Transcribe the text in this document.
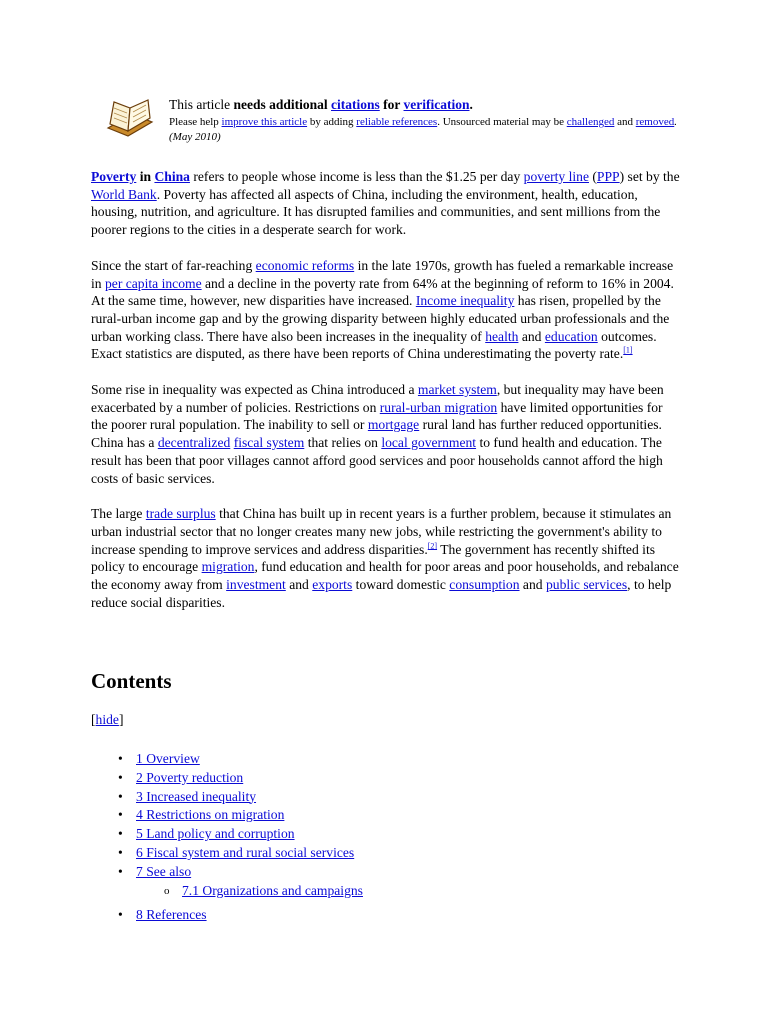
This article needs additional citations for verification.
Please help improve this article by adding reliable references. Unsourced material may be challenged and removed. (May 2010)

Poverty in China refers to people whose income is less than the $1.25 per day poverty line (PPP) set by the World Bank. Poverty has affected all aspects of China, including the environment, health, education, housing, nutrition, and agriculture. It has disrupted families and communities, and sent millions from the poorer regions to the cities in a desperate search for work.

Since the start of far-reaching economic reforms in the late 1970s, growth has fueled a remarkable increase in per capita income and a decline in the poverty rate from 64% at the beginning of reform to 16% in 2004. At the same time, however, new disparities have increased. Income inequality has risen, propelled by the rural-urban income gap and by the growing disparity between highly educated urban professionals and the urban working class. There have also been increases in the inequality of health and education outcomes. Exact statistics are disputed, as there have been reports of China underestimating the poverty rate.[1]

Some rise in inequality was expected as China introduced a market system, but inequality may have been exacerbated by a number of policies. Restrictions on rural-urban migration have limited opportunities for the poorer rural population. The inability to sell or mortgage rural land has further reduced opportunities. China has a decentralized fiscal system that relies on local government to fund health and education. The result has been that poor villages cannot afford good services and poor households cannot afford the high costs of basic services.

The large trade surplus that China has built up in recent years is a further problem, because it stimulates an urban industrial sector that no longer creates many new jobs, while restricting the government's ability to increase spending to improve services and address disparities.[2] The government has recently shifted its policy to encourage migration, fund education and health for poor areas and poor households, and rebalance the economy away from investment and exports toward domestic consumption and public services, to help reduce social disparities.

Contents
[hide]
• 1 Overview
• 2 Poverty reduction
• 3 Increased inequality
• 4 Restrictions on migration
• 5 Land policy and corruption
• 6 Fiscal system and rural social services
• 7 See also
o 7.1 Organizations and campaigns
• 8 References
